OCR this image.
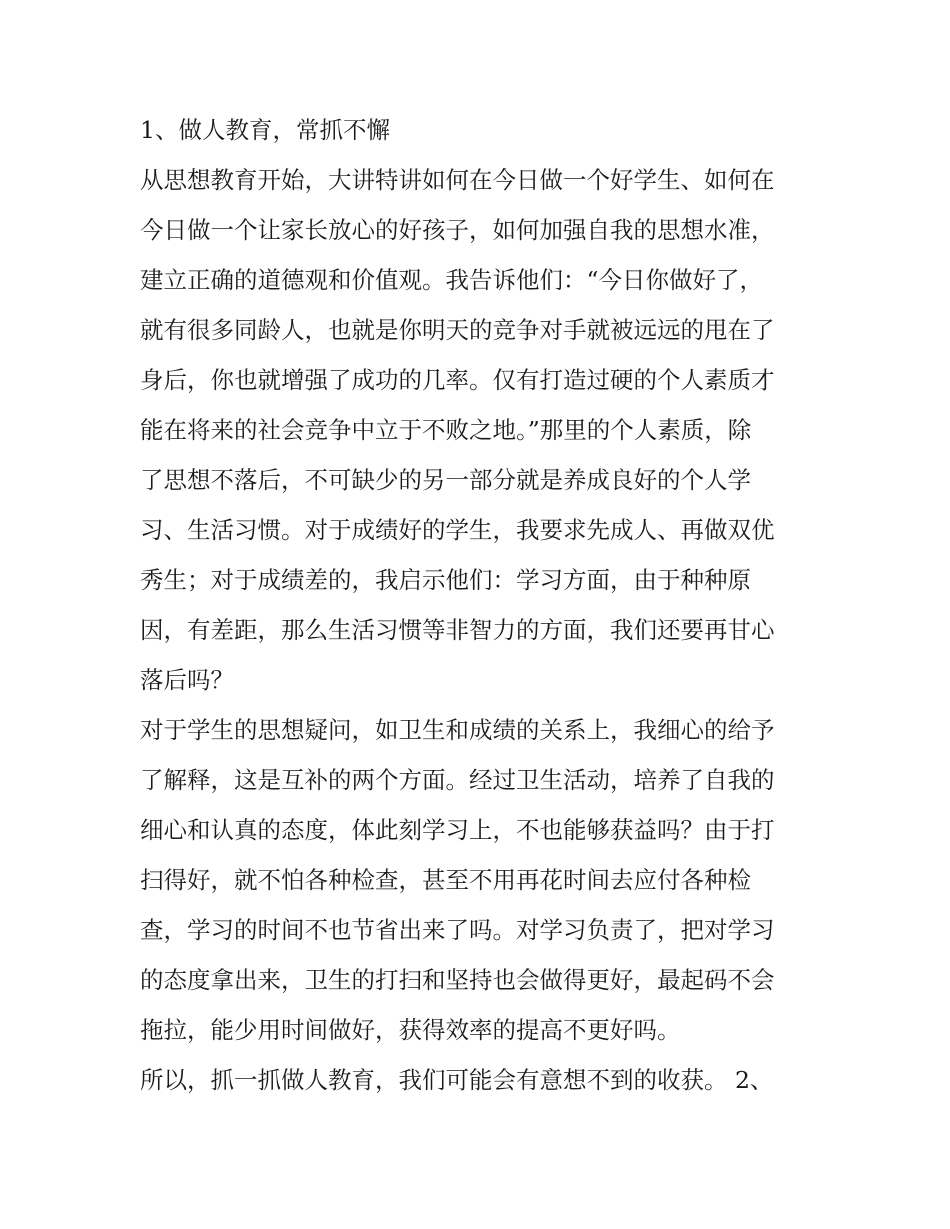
1、做人教育，常抓不懈
从思想教育开始，大讲特讲如何在今日做一个好学生、如何在
今日做一个让家长放心的好孩子，如何加强自我的思想水准，
建立正确的道德观和价值观。我告诉他们：“今日你做好了，
就有很多同龄人，也就是你明天的竞争对手就被远远的甩在了
身后，你也就增强了成功的几率。仅有打造过硬的个人素质才
能在将来的社会竞争中立于不败之地。”那里的个人素质，除
了思想不落后，不可缺少的另一部分就是养成良好的个人学
习、生活习惯。对于成绩好的学生，我要求先成人、再做双优
秀生；对于成绩差的，我启示他们：学习方面，由于种种原
因，有差距，那么生活习惯等非智力的方面，我们还要再甘心
落后吗？
对于学生的思想疑问，如卫生和成绩的关系上，我细心的给予
了解释，这是互补的两个方面。经过卫生活动，培养了自我的
细心和认真的态度，体此刻学习上，不也能够获益吗？由于打
扫得好，就不怕各种检查，甚至不用再花时间去应付各种检
查，学习的时间不也节省出来了吗。对学习负责了，把对学习
的态度拿出来，卫生的打扫和坚持也会做得更好，最起码不会
拖拉，能少用时间做好，获得效率的提高不更好吗。
所以，抓一抓做人教育，我们可能会有意想不到的收获。 2、
